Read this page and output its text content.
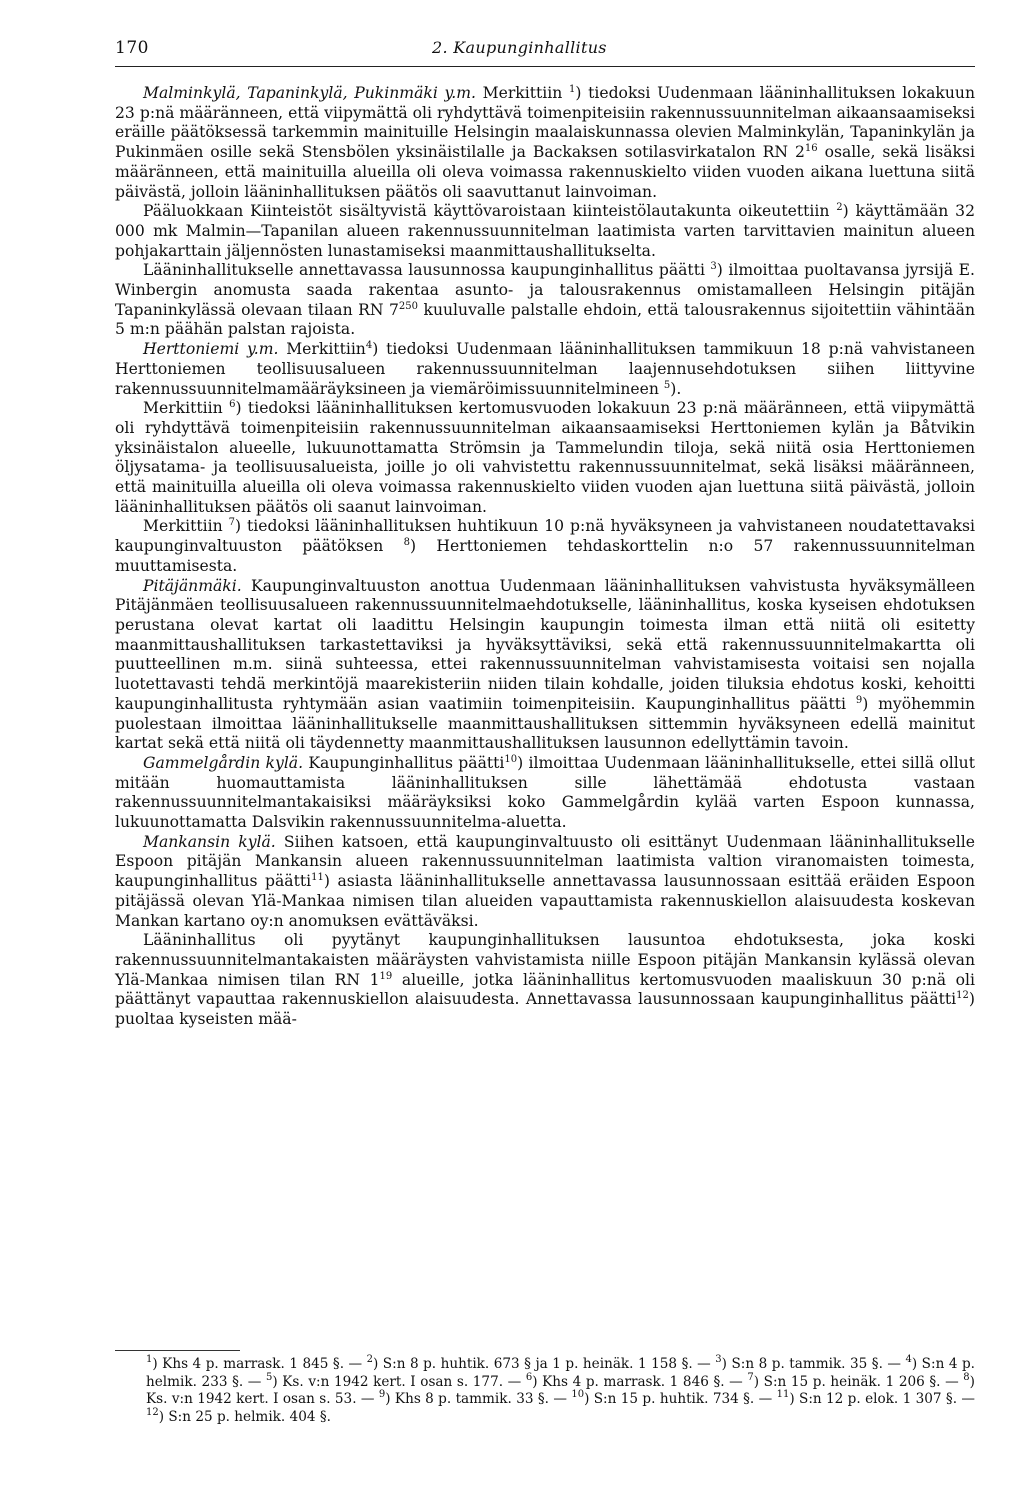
170	2. Kaupunginhallitus

Malminkylä, Tapaninkylä, Pukinmäki y.m. Merkittiin $^1$) tiedoksi Uudenmaan lääninhallituksen lokakuun 23 p:nä määränneen, että viipymättä oli ryhdyttävä toimenpiteisiin rakennussuunnitelman aikaansaamiseksi eräille päätöksessä tarkemmin mainituille Helsingin maalaiskunnassa olevien Malminkylän, Tapaninkylän ja Pukinmäen osille sekä Stensbölen yksinäistilalle ja Backaksen sotilasvirkatalon RN $2^{16}$ osalle, sekä lisäksi määränneen, että mainituilla alueilla oli oleva voimassa rakennuskielto viiden vuoden aikana luettuna siitä päivästä, jolloin lääninhallituksen päätös oli saavuttanut lainvoiman.

Pääluokkaan Kiinteistöt sisältyvistä käyttövaroistaan kiinteistölautakunta oikeutettiin $^2$) käyttämään 32 000 mk Malmin—Tapanilan alueen rakennussuunnitelman laatimista varten tarvittavien mainitun alueen pohjakarttain jäljennösten lunastamiseksi maanmittaushallitukselta.

Lääninhallitukselle annettavassa lausunnossa kaupunginhallitus päätti $^3$) ilmoittaa puoltavansa jyrsijä E. Winbergin anomusta saada rakentaa asunto- ja talousrakennus omistamalleen Helsingin pitäjän Tapaninkylässä olevaan tilaan RN $7^{250}$ kuuluvalle palstalle ehdoin, että talousrakennus sijoitettiin vähintään 5 m:n päähän palstan rajoista.

Herttoniemi y.m. Merkittiin$^4$) tiedoksi Uudenmaan lääninhallituksen tammikuun 18 p:nä vahvistaneen Herttoniemen teollisuusalueen rakennussuunnitelman laajennusehdotuksen siihen liittyvine rakennussuunnitelmamääräyksineen ja viemäröimissuunnitelmineen $^5$).

Merkittiin $^6$) tiedoksi lääninhallituksen kertomusvuoden lokakuun 23 p:nä määränneen, että viipymättä oli ryhdyttävä toimenpiteisiin rakennussuunnitelman aikaansaamiseksi Herttoniemen kylän ja Båtvikin yksinäistalon alueelle, lukuunottamatta Strömsin ja Tammelundin tiloja, sekä niitä osia Herttoniemen öljysatama- ja teollisuusalueista, joille jo oli vahvistettu rakennussuunnitelmat, sekä lisäksi määränneen, että mainituilla alueilla oli oleva voimassa rakennuskielto viiden vuoden ajan luettuna siitä päivästä, jolloin lääninhallituksen päätös oli saanut lainvoiman.

Merkittiin $^7$) tiedoksi lääninhallituksen huhtikuun 10 p:nä hyväksyneen ja vahvistaneen noudatettavaksi kaupunginvaltuuston päätöksen $^8$) Herttoniemen tehdaskorttelin n:o 57 rakennussuunnitelman muuttamisesta.

Pitäjänmäki. Kaupunginvaltuuston anottua Uudenmaan lääninhallituksen vahvistusta hyväksymälleen Pitäjänmäen teollisuusalueen rakennussuunnitelmaehdotukselle, lääninhallitus, koska kyseisen ehdotuksen perustana olevat kartat oli laadittu Helsingin kaupungin toimesta ilman että niitä oli esitetty maanmittaushallituksen tarkastettaviksi ja hyväksyttäviksi, sekä että rakennussuunnitelmakartta oli puutteellinen m.m. siinä suhteessa, ettei rakennussuunnitelman vahvistamisesta voitaisi sen nojalla luotettavasti tehdä merkintöjä maarekisteriin niiden tilain kohdalle, joiden tiluksia ehdotus koski, kehoitti kaupunginhallitusta ryhtymään asian vaatimiin toimenpiteisiin. Kaupunginhallitus päätti $^9$) myöhemmin puolestaan ilmoittaa lääninhallitukselle maanmittaushallituksen sittemmin hyväksyneen edellä mainitut kartat sekä että niitä oli täydennetty maanmittaushallituksen lausunnon edellyttämin tavoin.

Gammelgårdin kylä. Kaupunginhallitus päätti$^{10}$) ilmoittaa Uudenmaan lääninhallitukselle, ettei sillä ollut mitään huomauttamista lääninhallituksen sille lähettämää ehdotusta vastaan rakennussuunnitelmantakaisiksi määräyksiksi koko Gammelgårdin kylää varten Espoon kunnassa, lukuunottamatta Dalsvikin rakennussuunnitelma-aluetta.

Mankansin kylä. Siihen katsoen, että kaupunginvaltuusto oli esittänyt Uudenmaan lääninhallitukselle Espoon pitäjän Mankansin alueen rakennussuunnitelman laatimista valtion viranomaisten toimesta, kaupunginhallitus päätti$^{11}$) asiasta lääninhallitukselle annettavassa lausunnossaan esittää eräiden Espoon pitäjässä olevan Ylä-Mankaa nimisen tilan alueiden vapauttamista rakennuskiellon alaisuudesta koskevan Mankan kartano oy:n anomuksen evättäväksi.

Lääninhallitus oli pyytänyt kaupunginhallituksen lausuntoa ehdotuksesta, joka koski rakennussuunnitelmantakaisten määräysten vahvistamista niille Espoon pitäjän Mankansin kylässä olevan Ylä-Mankaa nimisen tilan RN $1^{19}$ alueille, jotka lääninhallitus kertomusvuoden maaliskuun 30 p:nä oli päättänyt vapauttaa rakennuskiellon alaisuudesta. Annettavassa lausunnossaan kaupunginhallitus päätti$^{12}$) puoltaa kyseisten mää-

$^1$) Khs 4 p. marrask. 1 845 §. — $^2$) S:n 8 p. huhtik. 673 § ja 1 p. heinäk. 1 158 §. — $^3$) S:n 8 p. tammik. 35 §. — $^4$) S:n 4 p. helmik. 233 §. — $^5$) Ks. v:n 1942 kert. I osan s. 177. — $^6$) Khs 4 p. marrask. 1 846 §. — $^7$) S:n 15 p. heinäk. 1 206 §. — $^8$) Ks. v:n 1942 kert. I osan s. 53. — $^9$) Khs 8 p. tammik. 33 §. — $^{10}$) S:n 15 p. huhtik. 734 §. — $^{11}$) S:n 12 p. elok. 1 307 §. — $^{12}$) S:n 25 p. helmik. 404 §.
